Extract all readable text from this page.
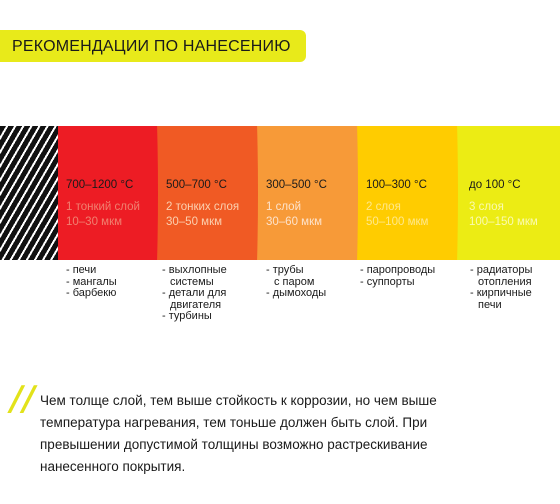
РЕКОМЕНДАЦИИ ПО НАНЕСЕНИЮ
700–1200 °С
1 тонкий слой
10–30 мкм
500–700 °С
2 тонких слоя
30–50 мкм
300–500 °С
1 слой
30–60 мкм
100–300 °С
2 слоя
50–100 мкм
до 100 °С
3 слоя
100–150 мкм
- печи
- мангалы
- барбекю
- выхлопные
системы
- детали для
двигателя
- турбины
- трубы
с паром
- дымоходы
- паропроводы
- суппорты
- радиаторы
отопления
- кирпичные
печи
// Чем толще слой, тем выше стойкость к коррозии, но чем выше
температура нагревания, тем тоньше должен быть слой. При
превышении допустимой толщины возможно растрескивание
нанесенного покрытия.
